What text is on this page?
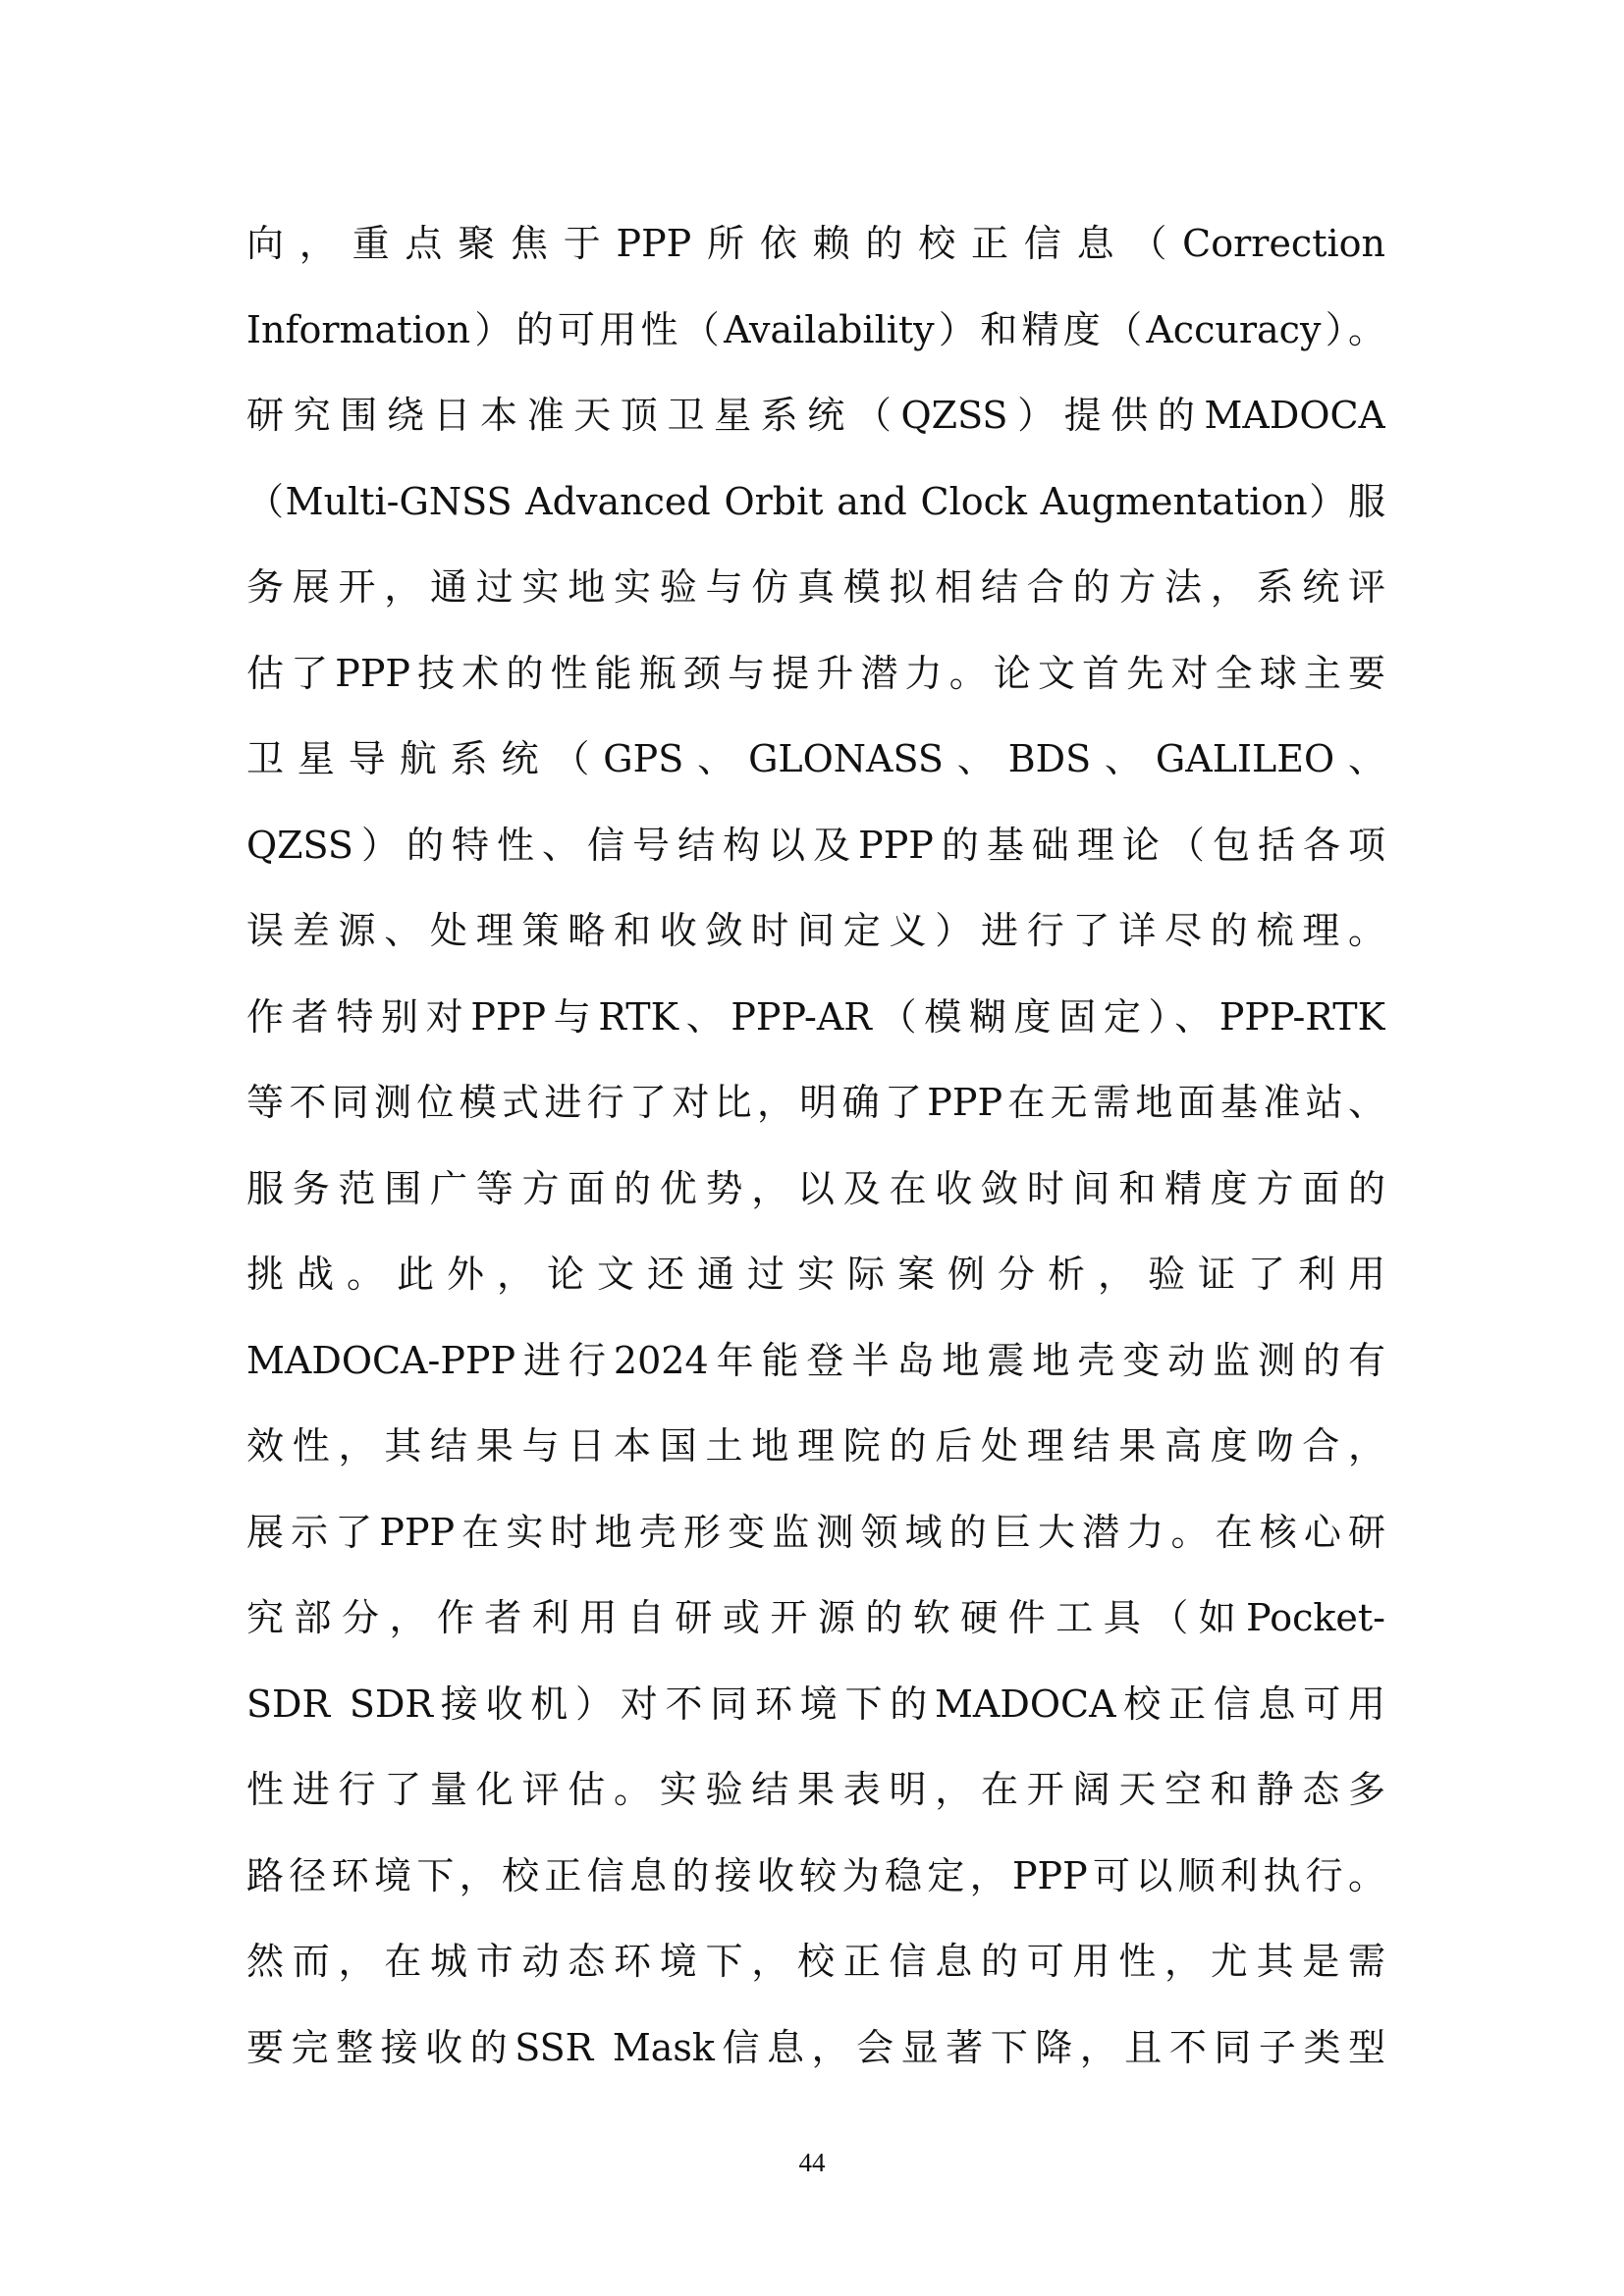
向，重点聚焦于PPP所依赖的校正信息（Correction
Information）的可用性（Availability）和精度（Accuracy）。
研究围绕日本准天顶卫星系统（QZSS）提供的MADOCA
（Multi-GNSS Advanced Orbit and Clock Augmentation）服
务展开，通过实地实验与仿真模拟相结合的方法，系统评
估了PPP技术的性能瓶颈与提升潜力。论文首先对全球主要
卫星导航系统（GPS、GLONASS、BDS、GALILEO、
QZSS）的特性、信号结构以及PPP的基础理论（包括各项
误差源、处理策略和收敛时间定义）进行了详尽的梳理。
作者特别对PPP与RTK、PPP-AR（模糊度固定）、PPP-RTK
等不同测位模式进行了对比，明确了PPP在无需地面基准站、
服务范围广等方面的优势，以及在收敛时间和精度方面的
挑战。此外，论文还通过实际案例分析，验证了利用
MADOCA-PPP进行2024年能登半岛地震地壳变动监测的有
效性，其结果与日本国土地理院的后处理结果高度吻合，
展示了PPP在实时地壳形变监测领域的巨大潜力。在核心研
究部分，作者利用自研或开源的软硬件工具（如Pocket-
SDR SDR接收机）对不同环境下的MADOCA校正信息可用
性进行了量化评估。实验结果表明，在开阔天空和静态多
路径环境下，校正信息的接收较为稳定，PPP可以顺利执行。
然而，在城市动态环境下，校正信息的可用性，尤其是需
要完整接收的SSR Mask信息，会显著下降，且不同子类型
44
